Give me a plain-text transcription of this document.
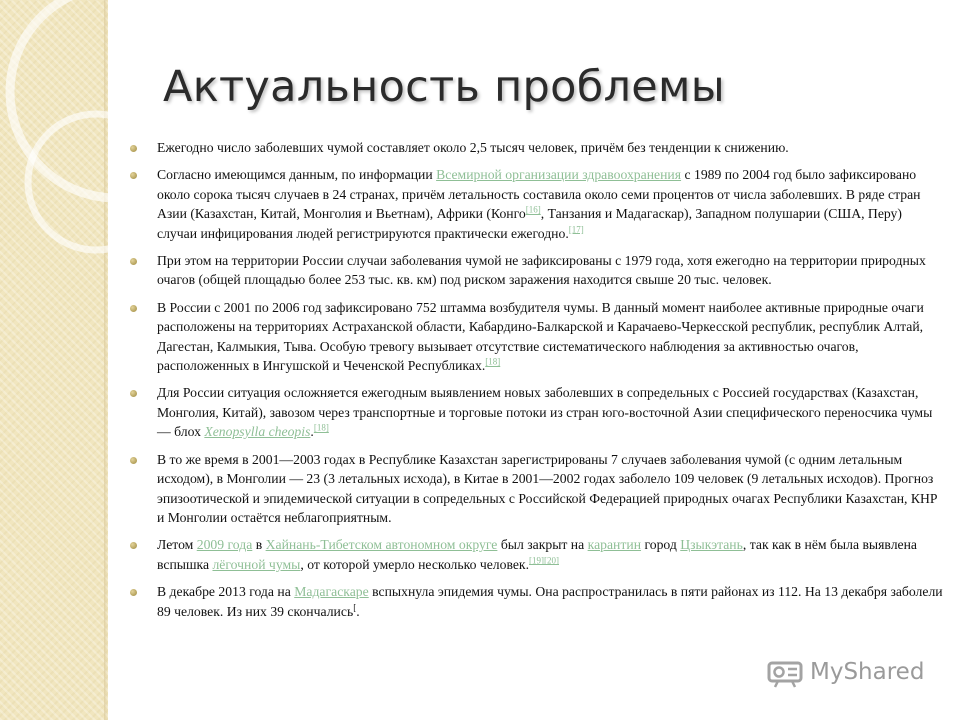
Актуальность проблемы
Ежегодно число заболевших чумой составляет около 2,5 тысяч человек, причём без тенденции к снижению.
Согласно имеющимся данным, по информации Всемирной организации здравоохранения с 1989 по 2004 год было зафиксировано около сорока тысяч случаев в 24 странах, причём летальность составила около семи процентов от числа заболевших. В ряде стран Азии (Казахстан, Китай, Монголия и Вьетнам), Африки (Конго[16], Танзания и Мадагаскар), Западном полушарии (США, Перу) случаи инфицирования людей регистрируются практически ежегодно.[17]
При этом на территории России случаи заболевания чумой не зафиксированы с 1979 года, хотя ежегодно на территории природных очагов (общей площадью более 253 тыс. кв. км) под риском заражения находится свыше 20 тыс. человек.
В России с 2001 по 2006 год зафиксировано 752 штамма возбудителя чумы. В данный момент наиболее активные природные очаги расположены на территориях Астраханской области, Кабардино-Балкарской и Карачаево-Черкесской республик, республик Алтай, Дагестан, Калмыкия, Тыва. Особую тревогу вызывает отсутствие систематического наблюдения за активностью очагов, расположенных в Ингушской и Чеченской Республиках.[18]
Для России ситуация осложняется ежегодным выявлением новых заболевших в сопредельных с Россией государствах (Казахстан, Монголия, Китай), завозом через транспортные и торговые потоки из стран юго-восточной Азии специфического переносчика чумы — блох Xenopsylla cheopis.[18]
В то же время в 2001—2003 годах в Республике Казахстан зарегистрированы 7 случаев заболевания чумой (с одним летальным исходом), в Монголии — 23 (3 летальных исхода), в Китае в 2001—2002 годах заболело 109 человек (9 летальных исходов). Прогноз эпизоотической и эпидемической ситуации в сопредельных с Российской Федерацией природных очагах Республики Казахстан, КНР и Монголии остаётся неблагоприятным.
Летом 2009 года в Хайнань-Тибетском автономном округе был закрыт на карантин город Цзыкэтань, так как в нём была выявлена вспышка лёгочной чумы, от которой умерло несколько человек.[19][20]
В декабре 2013 года на Мадагаскаре вспыхнула эпидемия чумы. Она распространилась в пяти районах из 112. На 13 декабря заболели 89 человек. Из них 39 скончались[.
MyShared
